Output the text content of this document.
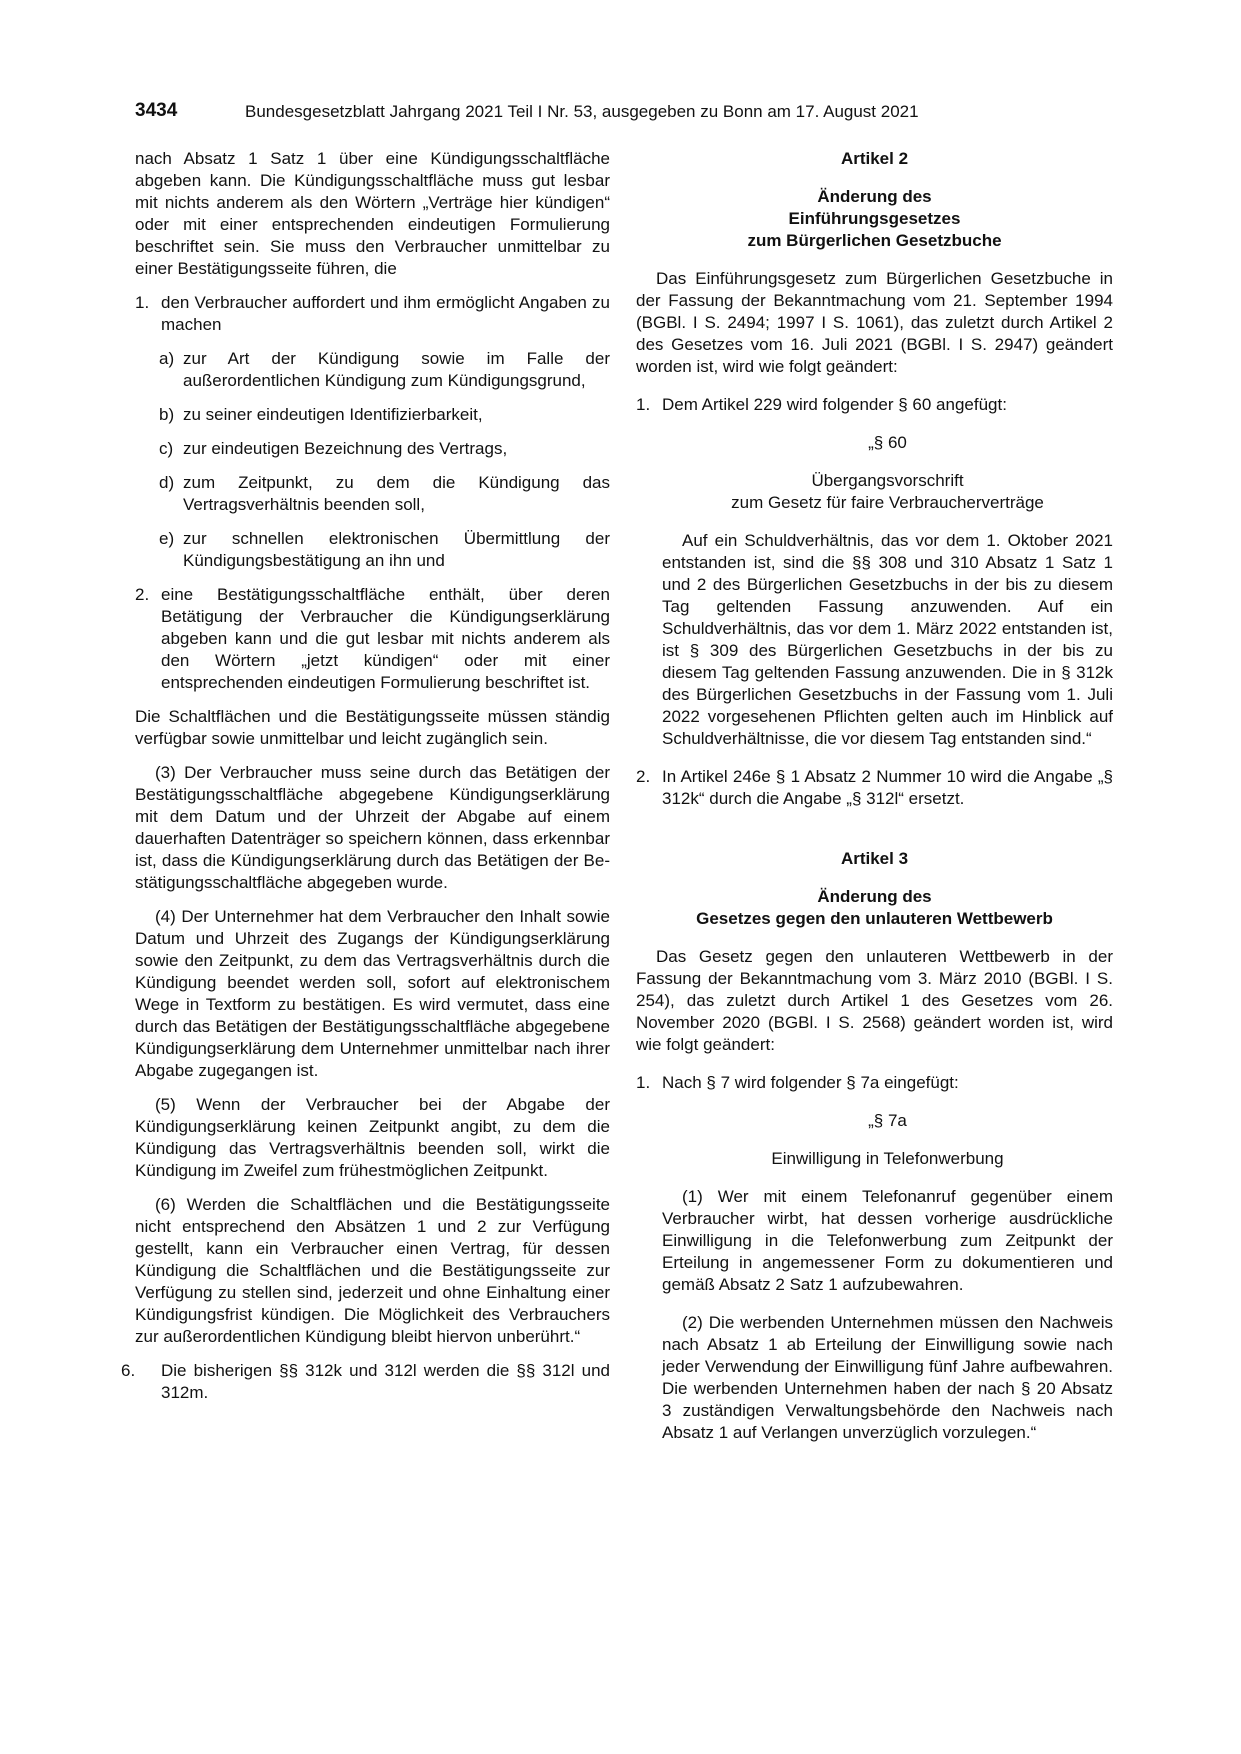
3434	Bundesgesetzblatt Jahrgang 2021 Teil I Nr. 53, ausgegeben zu Bonn am 17. August 2021

nach Absatz 1 Satz 1 über eine Kündigungsschaltfläche abgeben kann. Die Kündigungsschaltfläche muss gut lesbar mit nichts anderem als den Wörtern „Verträge hier kündigen“ oder mit einer entsprechenden eindeutigen Formulierung beschriftet sein. Sie muss den Verbraucher unmittelbar zu einer Bestätigungsseite führen, die

1. den Verbraucher auffordert und ihm ermöglicht Angaben zu machen

a) zur Art der Kündigung sowie im Falle der außerordentlichen Kündigung zum Kündigungsgrund,

b) zu seiner eindeutigen Identifizierbarkeit,

c) zur eindeutigen Bezeichnung des Vertrags,

d) zum Zeitpunkt, zu dem die Kündigung das Vertragsverhältnis beenden soll,

e) zur schnellen elektronischen Übermittlung der Kündigungsbestätigung an ihn und

2. eine Bestätigungsschaltfläche enthält, über deren Betätigung der Verbraucher die Kündigungserklärung abgeben kann und die gut lesbar mit nichts anderem als den Wörtern „jetzt kündigen“ oder mit einer entsprechenden eindeutigen Formulierung beschriftet ist.

Die Schaltflächen und die Bestätigungsseite müssen ständig verfügbar sowie unmittelbar und leicht zugänglich sein.

(3) Der Verbraucher muss seine durch das Betätigen der Bestätigungsschaltfläche abgegebene Kündigungserklärung mit dem Datum und der Uhrzeit der Abgabe auf einem dauerhaften Datenträger so speichern können, dass erkennbar ist, dass die Kündigungserklärung durch das Betätigen der Bestätigungsschaltfläche abgegeben wurde.

(4) Der Unternehmer hat dem Verbraucher den Inhalt sowie Datum und Uhrzeit des Zugangs der Kündigungserklärung sowie den Zeitpunkt, zu dem das Vertragsverhältnis durch die Kündigung beendet werden soll, sofort auf elektronischem Wege in Textform zu bestätigen. Es wird vermutet, dass eine durch das Betätigen der Bestätigungsschaltfläche abgegebene Kündigungserklärung dem Unternehmer unmittelbar nach ihrer Abgabe zugegangen ist.

(5) Wenn der Verbraucher bei der Abgabe der Kündigungserklärung keinen Zeitpunkt angibt, zu dem die Kündigung das Vertragsverhältnis beenden soll, wirkt die Kündigung im Zweifel zum frühestmöglichen Zeitpunkt.

(6) Werden die Schaltflächen und die Bestätigungsseite nicht entsprechend den Absätzen 1 und 2 zur Verfügung gestellt, kann ein Verbraucher einen Vertrag, für dessen Kündigung die Schaltflächen und die Bestätigungsseite zur Verfügung zu stellen sind, jederzeit und ohne Einhaltung einer Kündigungsfrist kündigen. Die Möglichkeit des Verbrauchers zur außerordentlichen Kündigung bleibt hiervon unberührt.“

6. Die bisherigen §§ 312k und 312l werden die §§ 312l und 312m.

Artikel 2

Änderung des

Einführungsgesetzes

zum Bürgerlichen Gesetzbuche

Das Einführungsgesetz zum Bürgerlichen Gesetzbuche in der Fassung der Bekanntmachung vom 21. September 1994 (BGBl. I S. 2494; 1997 I S. 1061), das zuletzt durch Artikel 2 des Gesetzes vom 16. Juli 2021 (BGBl. I S. 2947) geändert worden ist, wird wie folgt geändert:

1. Dem Artikel 229 wird folgender § 60 angefügt:

„§ 60

Übergangsvorschrift

zum Gesetz für faire Verbraucherverträge

Auf ein Schuldverhältnis, das vor dem 1. Oktober 2021 entstanden ist, sind die §§ 308 und 310 Absatz 1 Satz 1 und 2 des Bürgerlichen Gesetzbuchs in der bis zu diesem Tag geltenden Fassung anzuwenden. Auf ein Schuldverhältnis, das vor dem 1. März 2022 entstanden ist, ist § 309 des Bürgerlichen Gesetzbuchs in der bis zu diesem Tag geltenden Fassung anzuwenden. Die in § 312k des Bürgerlichen Gesetzbuchs in der Fassung vom 1. Juli 2022 vorgesehenen Pflichten gelten auch im Hinblick auf Schuldverhältnisse, die vor diesem Tag entstanden sind.“

2. In Artikel 246e § 1 Absatz 2 Nummer 10 wird die Angabe „§ 312k“ durch die Angabe „§ 312l“ ersetzt.

Artikel 3

Änderung des

Gesetzes gegen den unlauteren Wettbewerb

Das Gesetz gegen den unlauteren Wettbewerb in der Fassung der Bekanntmachung vom 3. März 2010 (BGBl. I S. 254), das zuletzt durch Artikel 1 des Gesetzes vom 26. November 2020 (BGBl. I S. 2568) geändert worden ist, wird wie folgt geändert:

1. Nach § 7 wird folgender § 7a eingefügt:

„§ 7a

Einwilligung in Telefonwerbung

(1) Wer mit einem Telefonanruf gegenüber einem Verbraucher wirbt, hat dessen vorherige ausdrückliche Einwilligung in die Telefonwerbung zum Zeitpunkt der Erteilung in angemessener Form zu dokumentieren und gemäß Absatz 2 Satz 1 aufzubewahren.

(2) Die werbenden Unternehmen müssen den Nachweis nach Absatz 1 ab Erteilung der Einwilligung sowie nach jeder Verwendung der Einwilligung fünf Jahre aufbewahren. Die werbenden Unternehmen haben der nach § 20 Absatz 3 zuständigen Verwaltungsbehörde den Nachweis nach Absatz 1 auf Verlangen unverzüglich vorzulegen.“
